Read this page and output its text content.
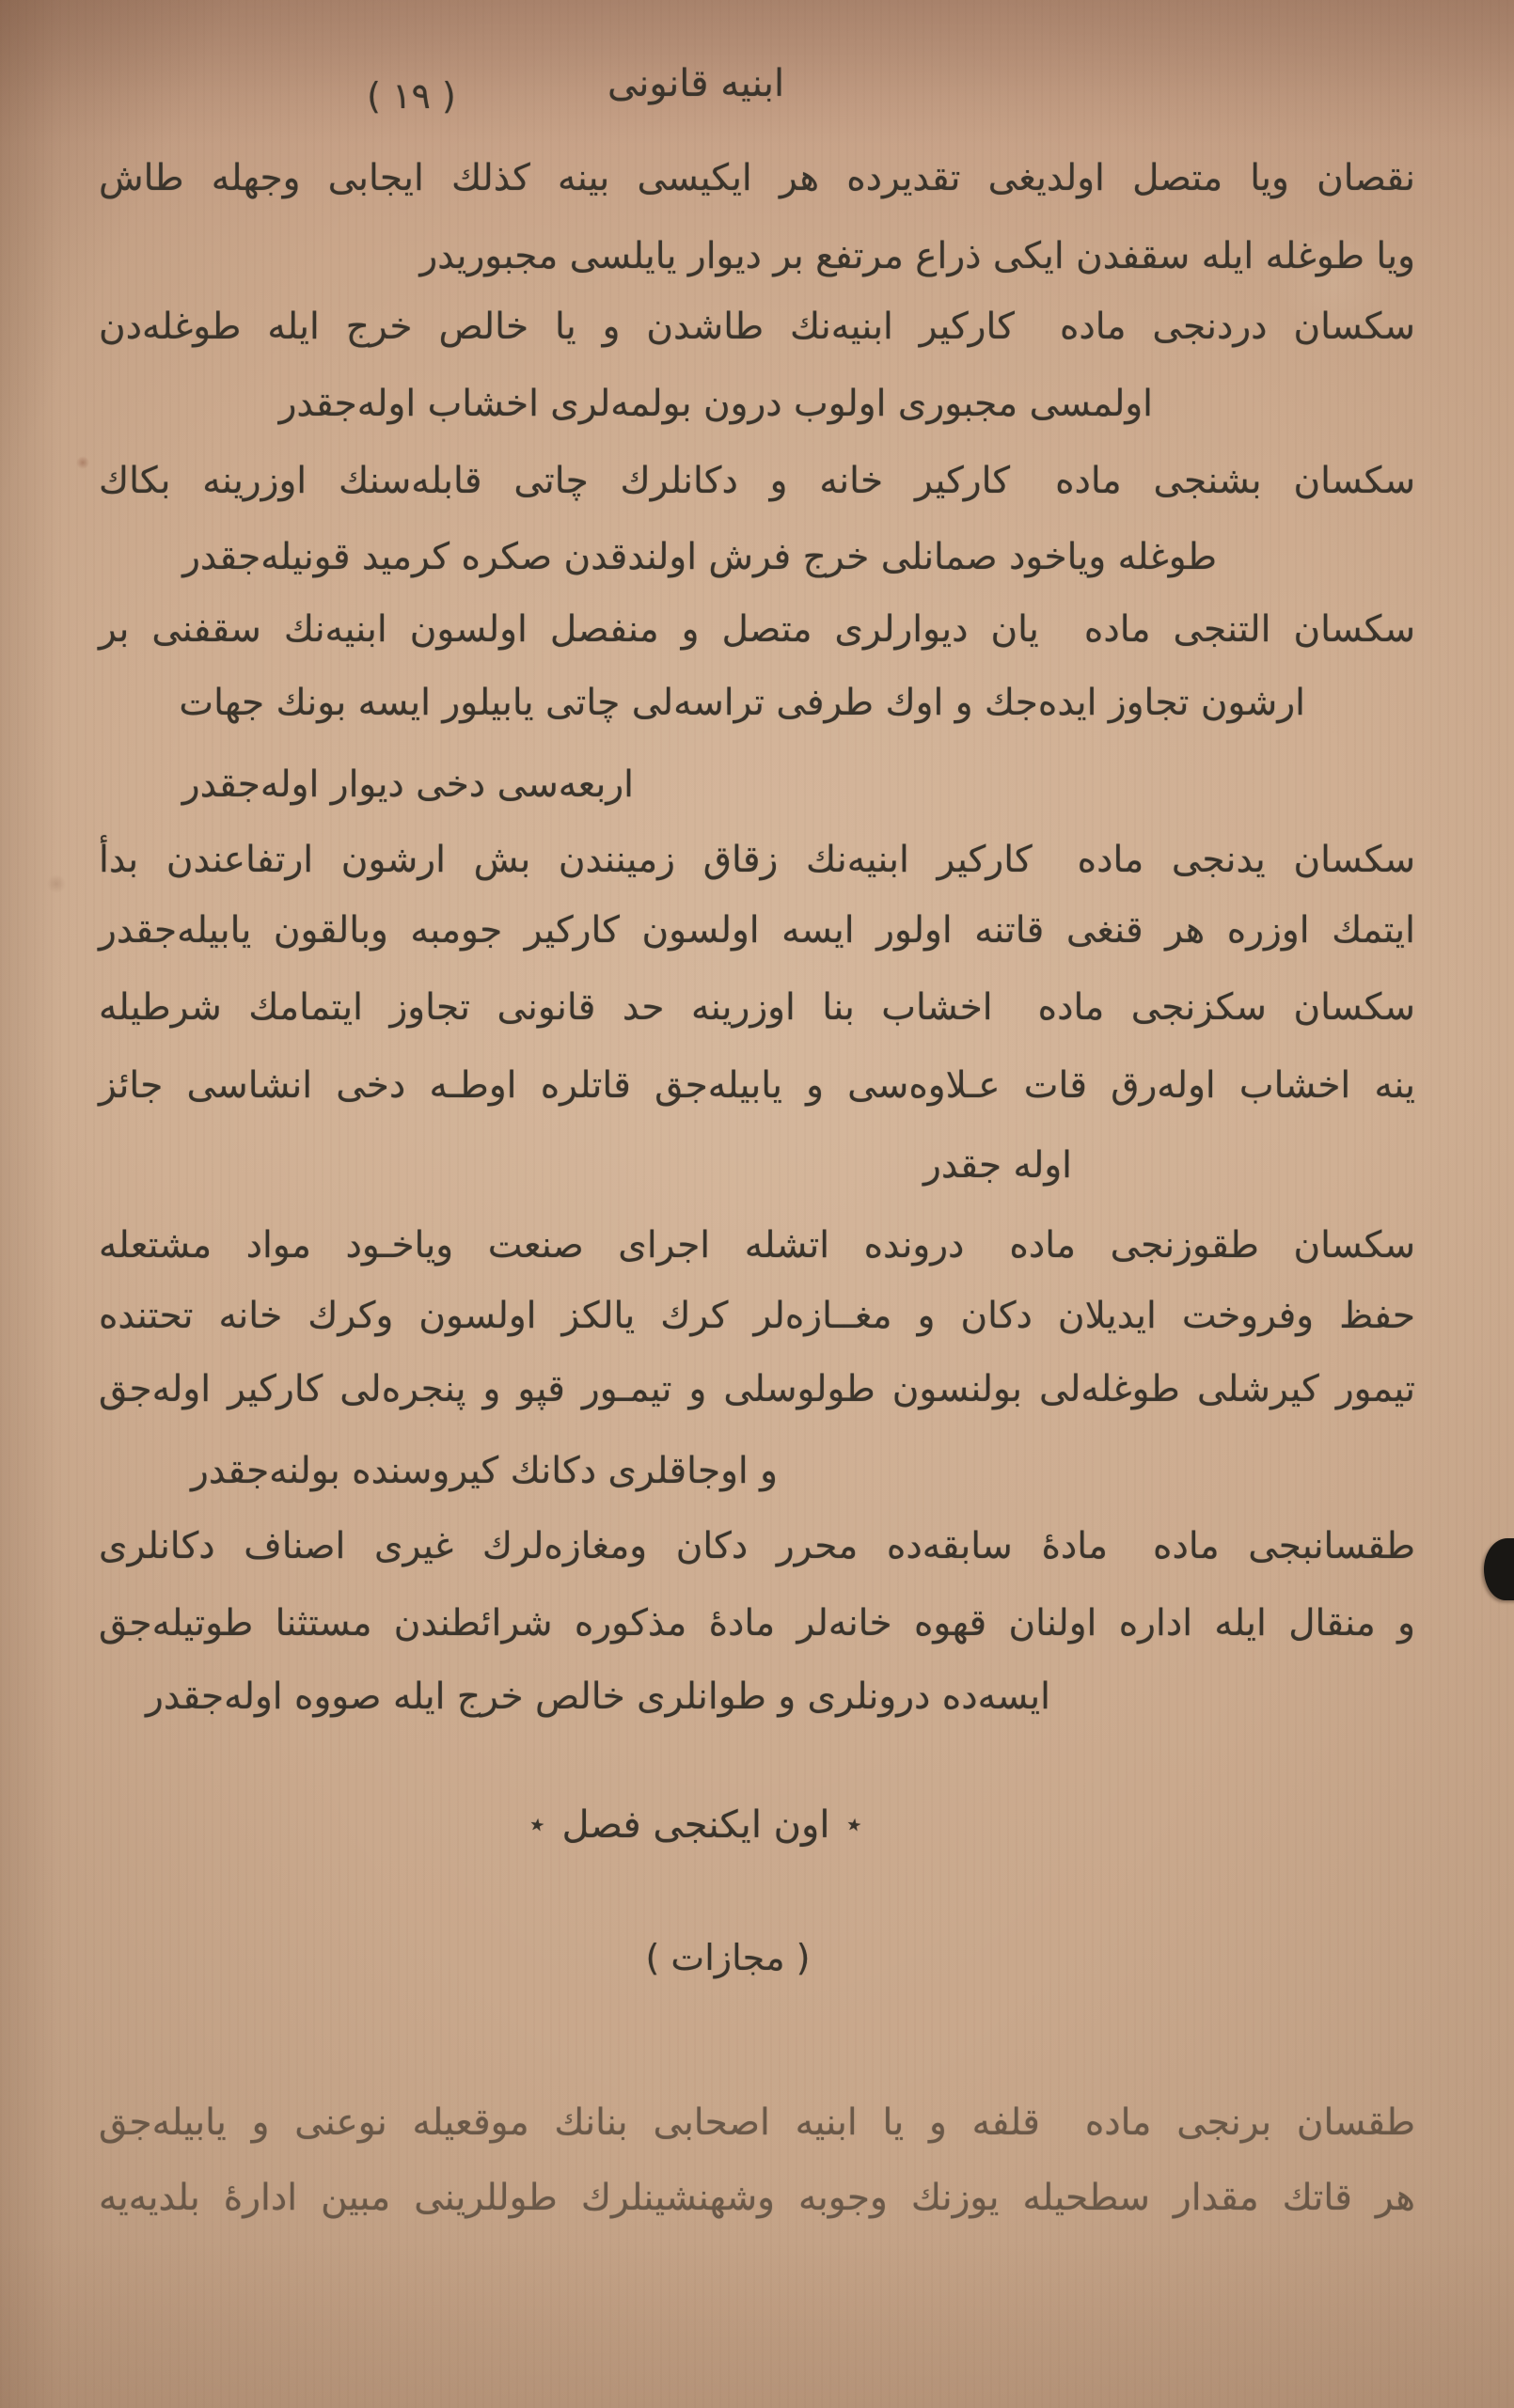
( ١٩ )	ابنيه قانونى
نقصان ويا متصل اولديغى تقديرده هر ايكيسى بينه كذلك ايجابى وجهله طاش
ويا طوغله ايله سقفدن ايكى ذراع مرتفع بر ديوار يايلسى مجبوريدر
سكسان دردنجى مادهكاركير ابنيه‌نك طاشدن و يا خالص خرج ايله طوغله‌دن
اولمسى مجبورى اولوب درون بولمه‌لرى اخشاب اوله‌جقدر
سكسان بشنجى مادهكاركير خانه و دكانلرك چاتى قابله‌سنك اوزرينه بكاك
طوغله وياخود صمانلى خرج فرش اولندقدن صكره كرميد قونيله‌جقدر
سكسان التنجى مادهيان ديوارلرى متصل و منفصل اولسون ابنيه‌نك سقفنى بر
ارشون تجاوز ايده‌جك و اوك طرفى تراسه‌لى چاتى يابيلور ايسه بونك جهات
اربعه‌سى دخى ديوار اوله‌جقدر
سكسان يدنجى مادهكاركير ابنيه‌نك زقاق زمينندن بش ارشون ارتفاعندن بدأ
ايتمك اوزره هر قنغى قاتنه اولور ايسه اولسون كاركير جومبه وبالقون يابيله‌جقدر
سكسان سكزنجى مادهاخشاب بنا اوزرينه حد قانونى تجاوز ايتمامك شرطيله
ينه اخشاب اوله‌رق قات عـلاوه‌سى و يابيله‌جق قاتلره اوطـه دخى انشاسى جائز
اوله جقدر
سكسان طقوزنجى مادهدرونده اتشله اجراى صنعت وياخـود مواد مشتعله
حفظ وفروخت ايديلان دكان و مغــازه‌لر كرك يالكز اولسون وكرك خانه تحتنده
تيمور كيرشلى طوغله‌لى بولنسون طولوسلى و تيمـور قپو و پنجره‌لى كاركير اوله‌جق
و اوجاقلرى دكانك كيروسنده بولنه‌جقدر
طقسانبجى مادهمادهٔ سابقه‌ده محرر دكان ومغازه‌لرك غيرى اصناف دكانلرى
و منقال ايله اداره اولنان قهوه خانه‌لر مادهٔ مذكوره شرائطندن مستثنا طوتيله‌جق
ايسه‌ده درونلرى و طوانلرى خالص خرج ايله صووه اوله‌جقدر
٭
اون ايكنجى فصل
٭
( مجازات )
طقسان برنجى مادهقلفه و يا ابنيه اصحابى بنانك موقعيله نوعنى و يابيله‌جق
هر قاتك مقدار سطحيله يوزنك وجوبه وشهنشينلرك طوللرينى مبين ادارهٔ بلديه‌يه
